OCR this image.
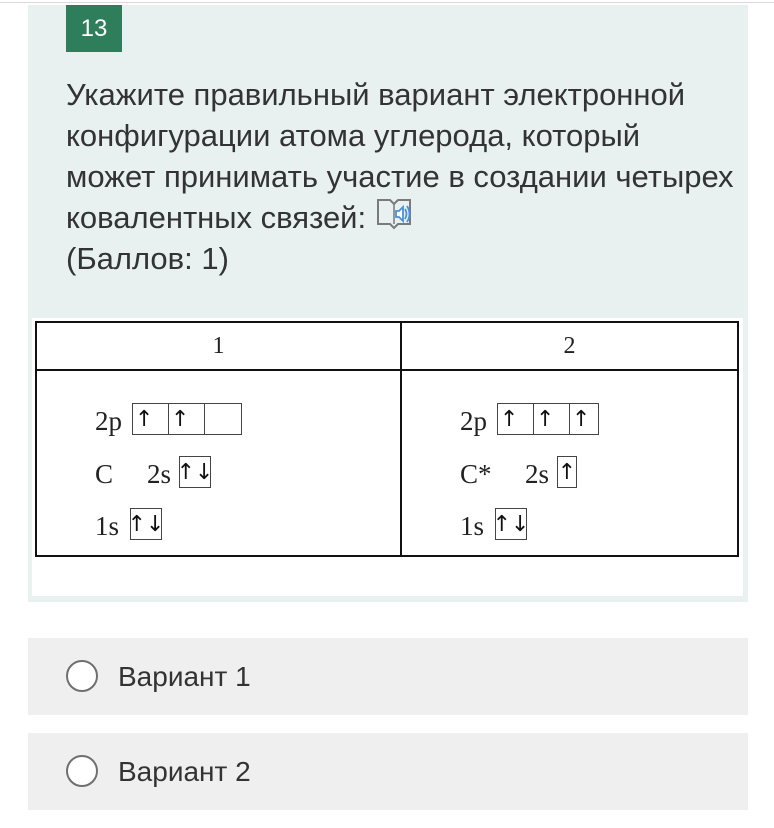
13

Укажите правильный вариант электронной конфигурации атома углерода, который может принимать участие в создании четырех ковалентных связей:

(Баллов: 1)
1	2
2p ↑ ↑
C 2s ↑↓
1s ↑↓
2p ↑ ↑ ↑
C* 2s ↑
1s ↑↓
Вариант 1
Вариант 2
